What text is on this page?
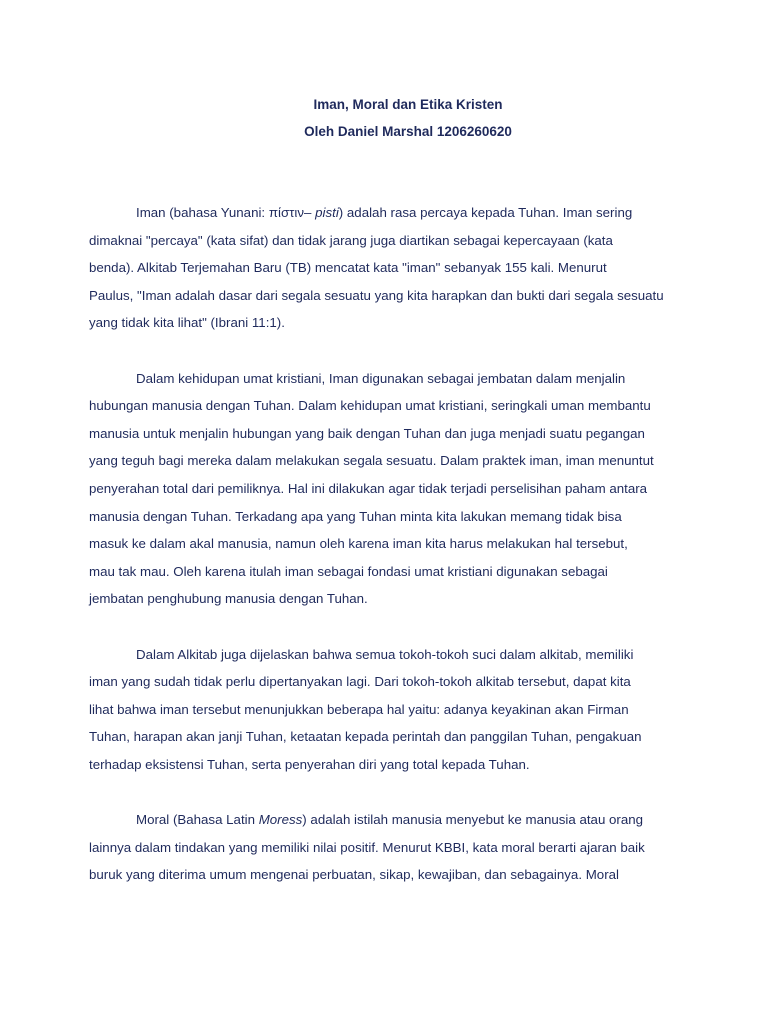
Iman, Moral dan Etika Kristen
Oleh Daniel Marshal 1206260620

Iman (bahasa Yunani: πίστιν– pisti) adalah rasa percaya kepada Tuhan. Iman sering
dimaknai "percaya" (kata sifat) dan tidak jarang juga diartikan sebagai kepercayaan (kata
benda). Alkitab Terjemahan Baru (TB) mencatat kata "iman" sebanyak 155 kali. Menurut
Paulus, "Iman adalah dasar dari segala sesuatu yang kita harapkan dan bukti dari segala sesuatu
yang tidak kita lihat" (Ibrani 11:1).

Dalam kehidupan umat kristiani, Iman digunakan sebagai jembatan dalam menjalin
hubungan manusia dengan Tuhan. Dalam kehidupan umat kristiani, seringkali uman membantu
manusia untuk menjalin hubungan yang baik dengan Tuhan dan juga menjadi suatu pegangan
yang teguh bagi mereka dalam melakukan segala sesuatu. Dalam praktek iman, iman menuntut
penyerahan total dari pemiliknya. Hal ini dilakukan agar tidak terjadi perselisihan paham antara
manusia dengan Tuhan. Terkadang apa yang Tuhan minta kita lakukan memang tidak bisa
masuk ke dalam akal manusia, namun oleh karena iman kita harus melakukan hal tersebut,
mau tak mau. Oleh karena itulah iman sebagai fondasi umat kristiani digunakan sebagai
jembatan penghubung manusia dengan Tuhan.

Dalam Alkitab juga dijelaskan bahwa semua tokoh-tokoh suci dalam alkitab, memiliki
iman yang sudah tidak perlu dipertanyakan lagi. Dari tokoh-tokoh alkitab tersebut, dapat kita
lihat bahwa iman tersebut menunjukkan beberapa hal yaitu: adanya keyakinan akan Firman
Tuhan, harapan akan janji Tuhan, ketaatan kepada perintah dan panggilan Tuhan, pengakuan
terhadap eksistensi Tuhan, serta penyerahan diri yang total kepada Tuhan.

Moral (Bahasa Latin Moress) adalah istilah manusia menyebut ke manusia atau orang
lainnya dalam tindakan yang memiliki nilai positif. Menurut KBBI, kata moral berarti ajaran baik
buruk yang diterima umum mengenai perbuatan, sikap, kewajiban, dan sebagainya. Moral
